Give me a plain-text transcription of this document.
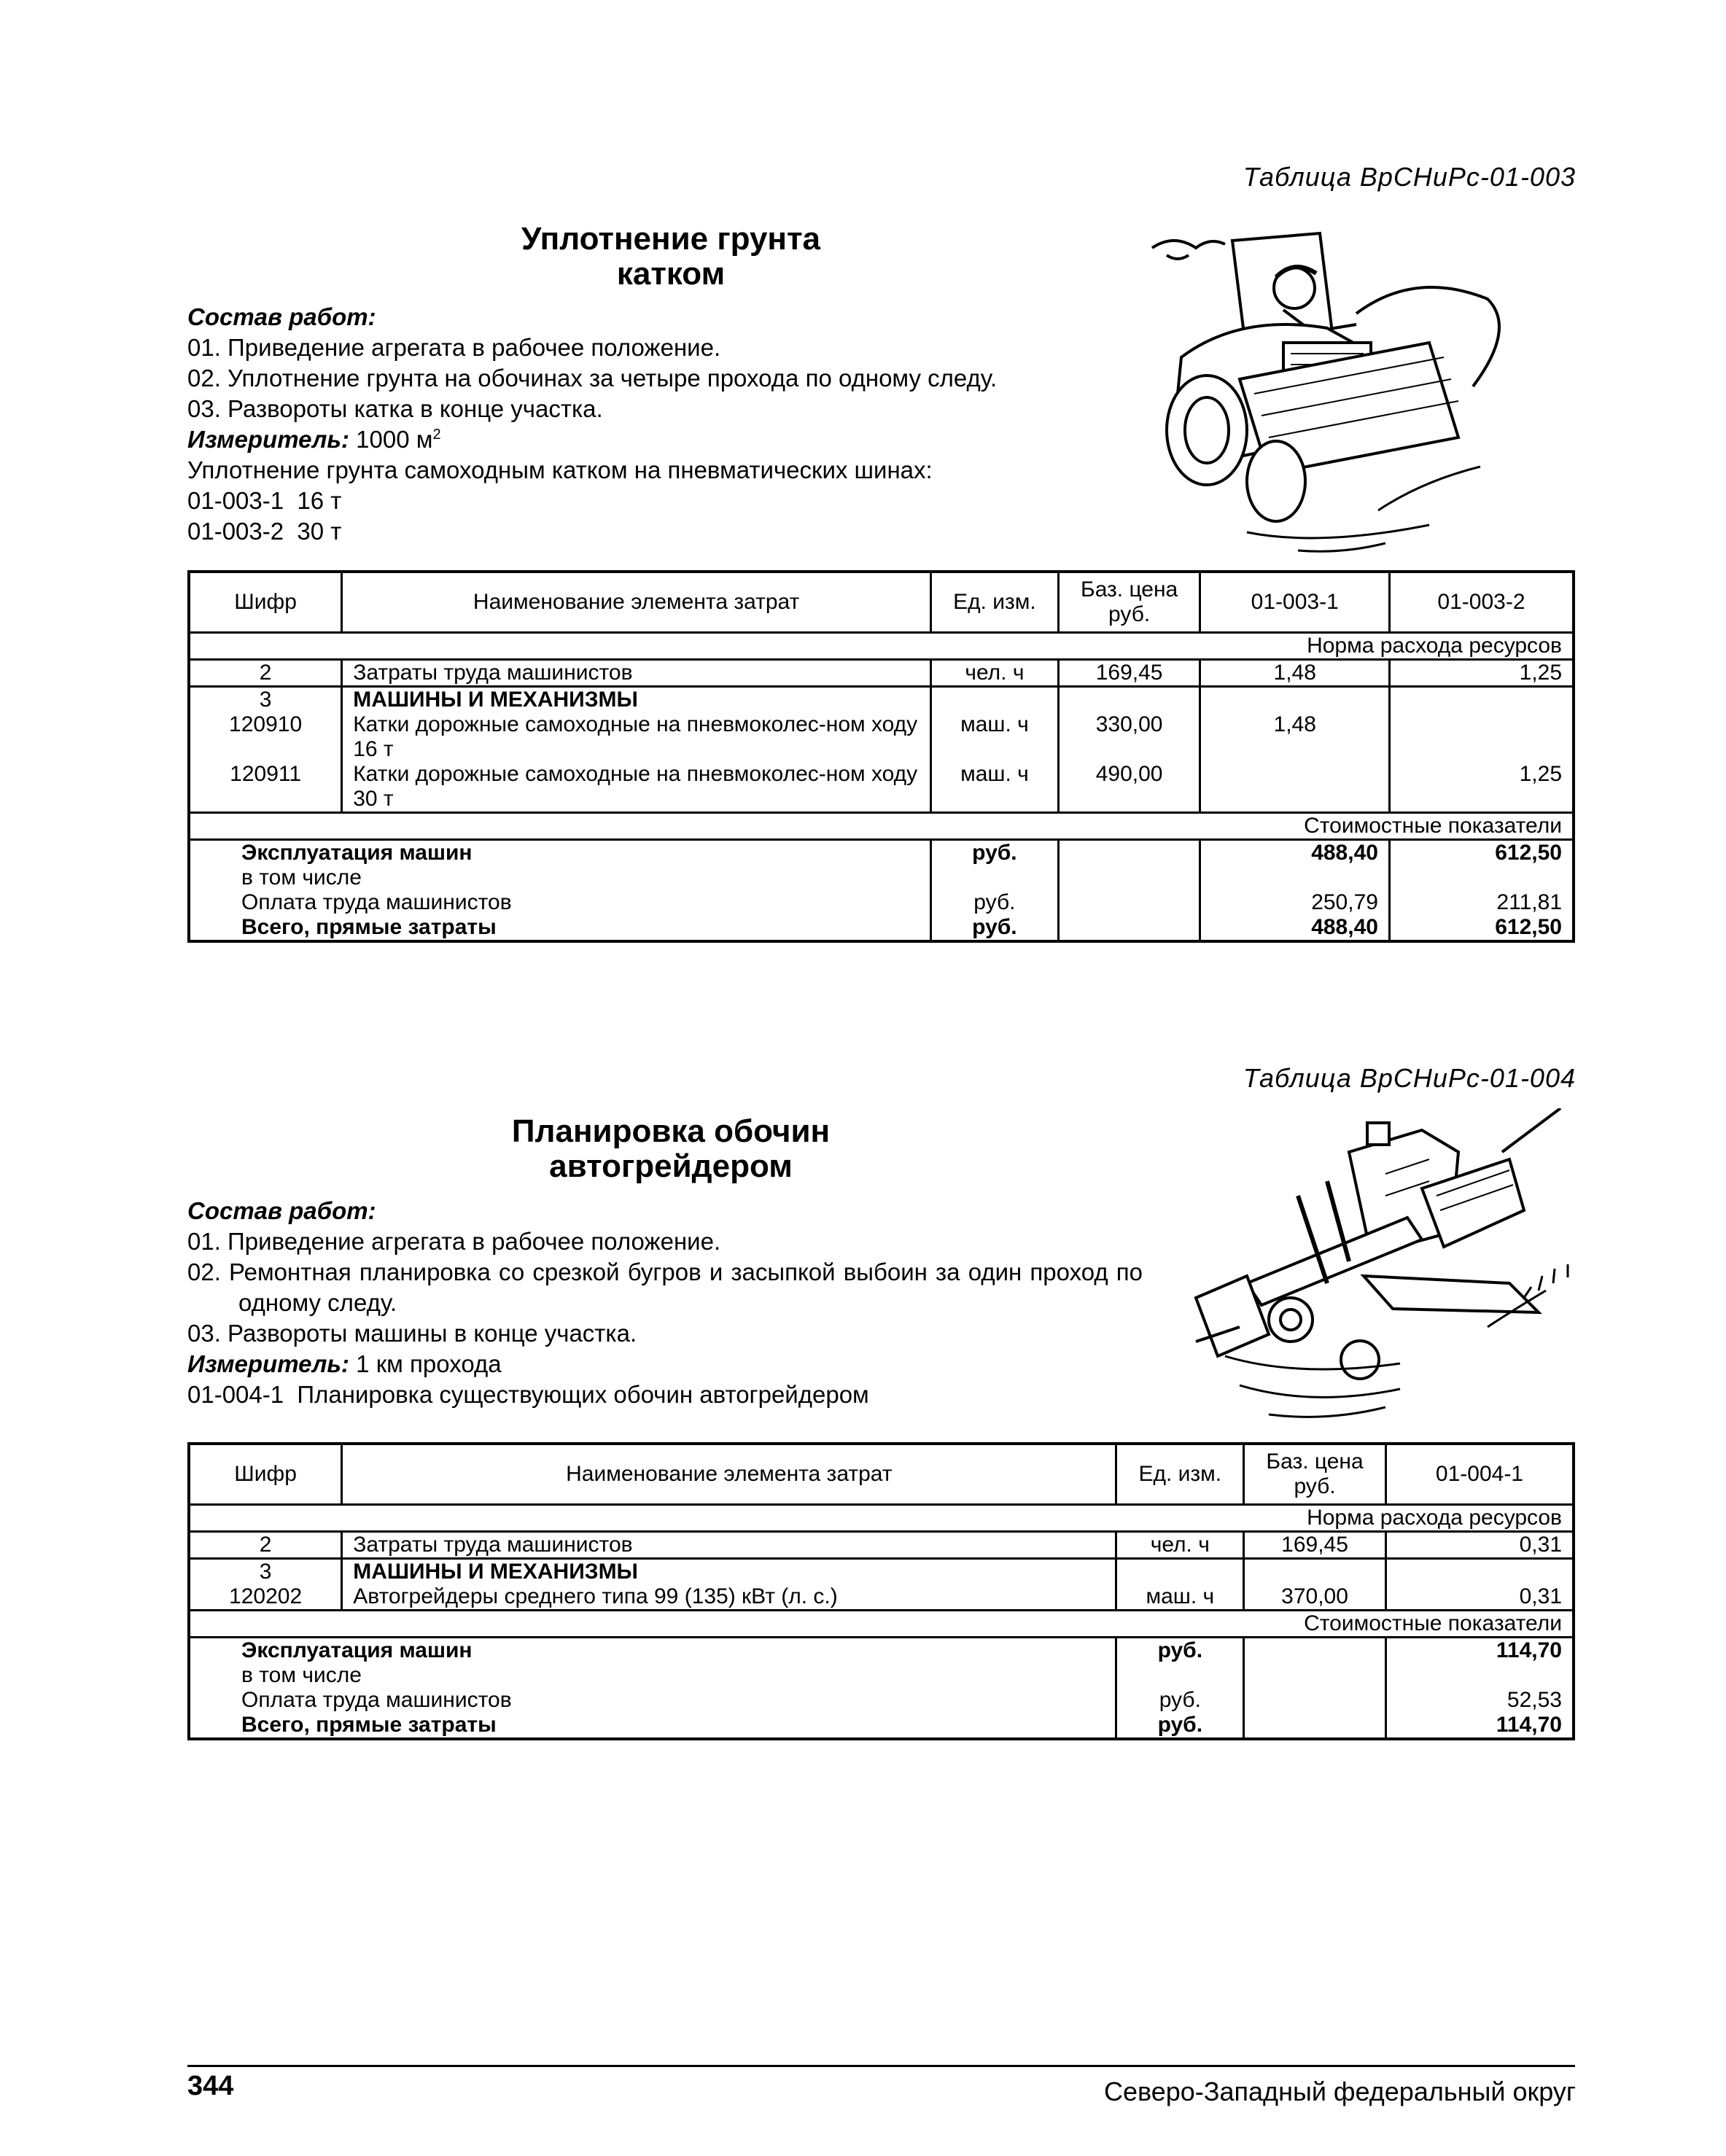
Таблица ВрСНиРс-01-003
Уплотнение грунта
катком
Состав работ:
01. Приведение агрегата в рабочее положение.
02. Уплотнение грунта на обочинах за четыре прохода по одному следу.
03. Развороты катка в конце участка.
Измеритель: 1000 $м^2$
Уплотнение грунта самоходным катком на пневматических шинах:
01-003-1  16 т
01-003-2  30 т
Шифр	Наименование элемента затрат	Ед. изм.	Баз. цена руб.	01-003-1	01-003-2
Норма расхода ресурсов					
2	Затраты труда машинистов	чел. ч	169,45	1,48	1,25
3	МАШИНЫ И МЕХАНИЗМЫ				
120910	Катки дорожные самоходные на пневмоколес-ном ходу 16 т	маш. ч	330,00	1,48	
120911	Катки дорожные самоходные на пневмоколес-ном ходу 30 т	маш. ч	490,00		1,25
Стоимостные показатели					
Эксплуатация машин		руб.		488,40	612,50
в том числе					
Оплата труда машинистов		руб.		250,79	211,81
Всего, прямые затраты		руб.		488,40	612,50
Таблица ВрСНиРс-01-004
Планировка обочин
автогрейдером
Состав работ:
01. Приведение агрегата в рабочее положение.
02. Ремонтная планировка со срезкой бугров и засыпкой выбоин за один проход по одному следу.
03. Развороты машины в конце участка.
Измеритель: 1 км прохода
01-004-1  Планировка существующих обочин автогрейдером
Шифр	Наименование элемента затрат	Ед. изм.	Баз. цена руб.	01-004-1
Норма расхода ресурсов				
2	Затраты труда машинистов	чел. ч	169,45	0,31
3	МАШИНЫ И МЕХАНИЗМЫ			
120202	Автогрейдеры среднего типа 99 (135) кВт (л. с.)	маш. ч	370,00	0,31
Стоимостные показатели				
Эксплуатация машин		руб.		114,70
в том числе				
Оплата труда машинистов		руб.		52,53
Всего, прямые затраты		руб.		114,70
344	Северо-Западный федеральный округ
